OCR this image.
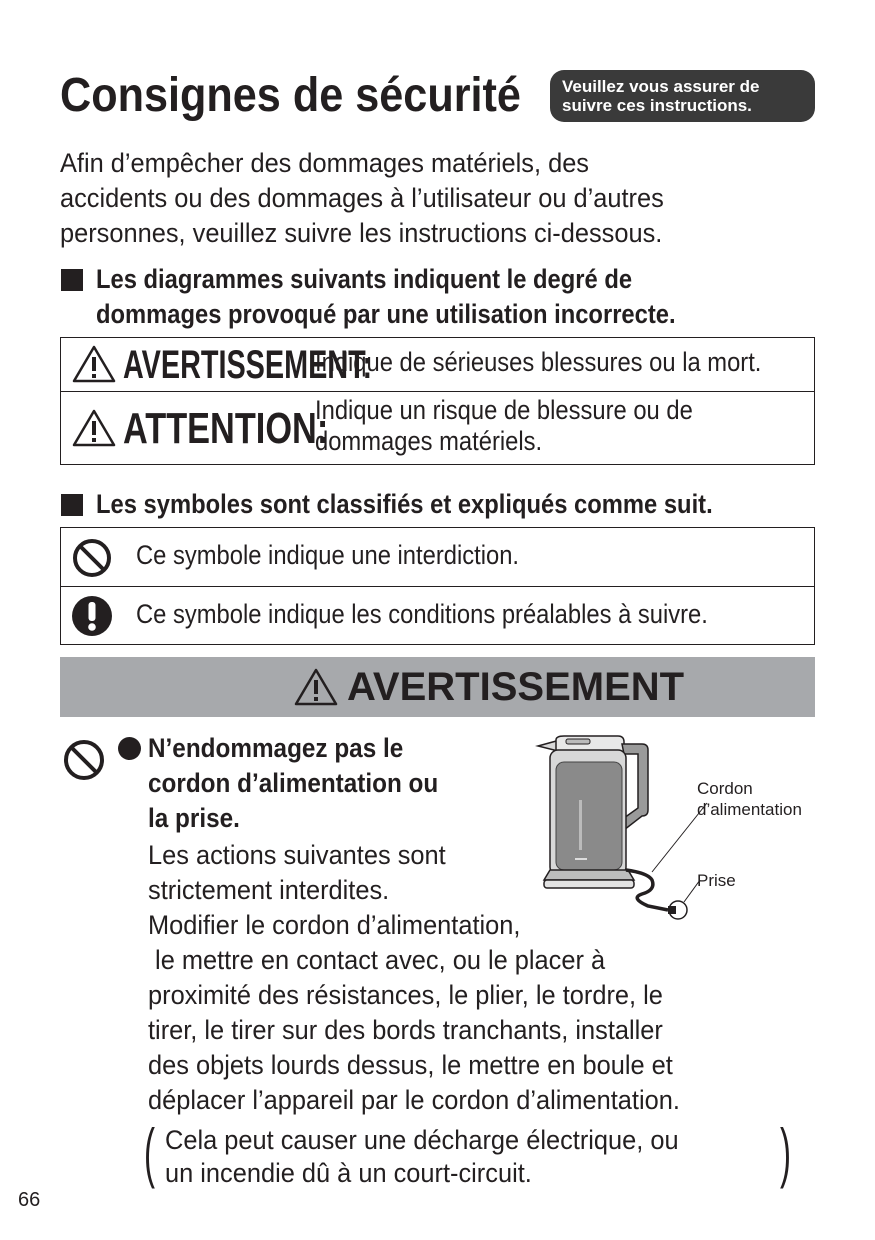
Consignes de sécurité Veuillez vous assurer de
suivre ces instructions.
Afin d’empêcher des dommages matériels, des
accidents ou des dommages à l’utilisateur ou d’autres
personnes, veuillez suivre les instructions ci-dessous.
Les diagrammes suivants indiquent le degré de
dommages provoqué par une utilisation incorrecte.
AVERTISSEMENT:
Indique de sérieuses blessures ou la mort.
ATTENTION:
Indique un risque de blessure ou de
dommages matériels.
Les symboles sont classifiés et expliqués comme suit.
Ce symbole indique une interdiction.
Ce symbole indique les conditions préalables à suivre.
AVERTISSEMENT
N’endommagez pas le
cordon d’alimentation ou
la prise.
Les actions suivantes sont
strictement interdites.
Modifier le cordon d’alimentation,
le mettre en contact avec, ou le placer à
proximité des résistances, le plier, le tordre, le
tirer, le tirer sur des bords tranchants, installer
des objets lourds dessus, le mettre en boule et
déplacer l’appareil par le cordon d’alimentation.
( Cela peut causer une décharge électrique, ou
un incendie dû à un court-circuit.	)
Cordon
d’alimentation
Prise
66
